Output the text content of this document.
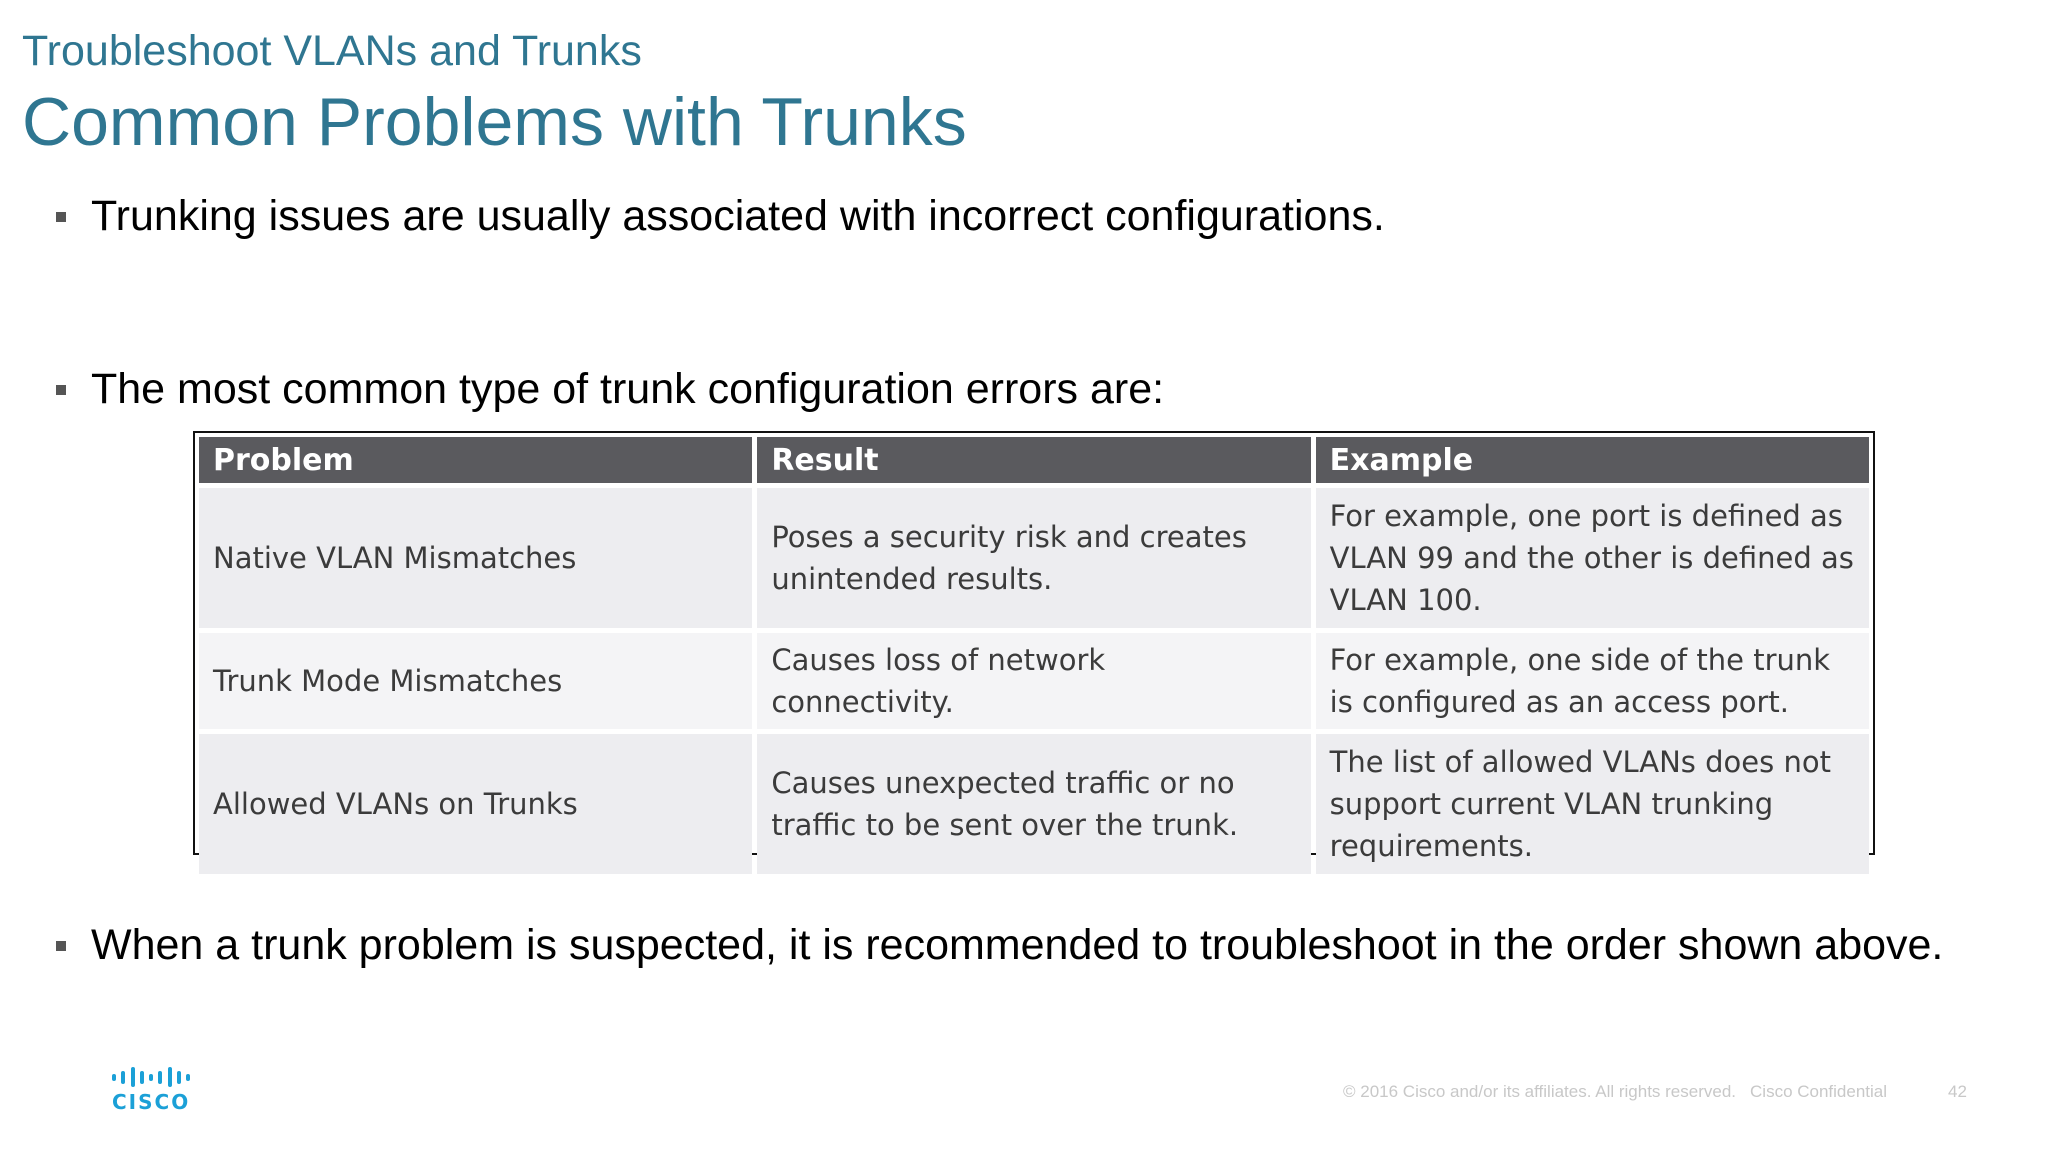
Troubleshoot VLANs and Trunks
Common Problems with Trunks
Trunking issues are usually associated with incorrect configurations.
The most common type of trunk configuration errors are:
Problem	Result	Example
Native VLAN Mismatches	Poses a security risk and creates unintended results.	For example, one port is defined as VLAN 99 and the other is defined as VLAN 100.
Trunk Mode Mismatches	Causes loss of network connectivity.	For example, one side of the trunk is configured as an access port.
Allowed VLANs on Trunks	Causes unexpected traffic or no traffic to be sent over the trunk.	The list of allowed VLANs does not support current VLAN trunking requirements.
When a trunk problem is suspected, it is recommended to troubleshoot in the order shown above.
CISCO	© 2016 Cisco and/or its affiliates. All rights reserved. Cisco Confidential	42
